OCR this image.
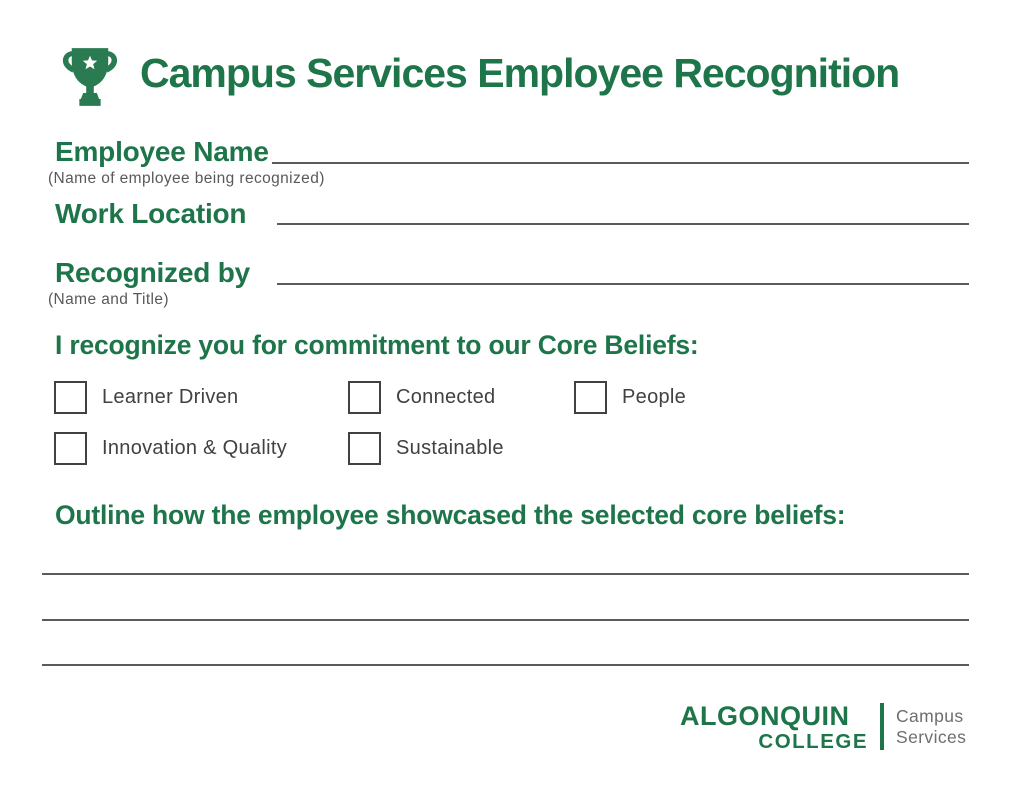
Campus Services Employee Recognition
Employee Name
(Name of employee being recognized)
Work Location
Recognized by
(Name and Title)
I recognize you for commitment to our Core Beliefs:
Learner Driven	Connected	People
Innovation & Quality	Sustainable
Outline how the employee showcased the selected core beliefs:
ALGONQUIN
COLLEGE
Campus
Services
